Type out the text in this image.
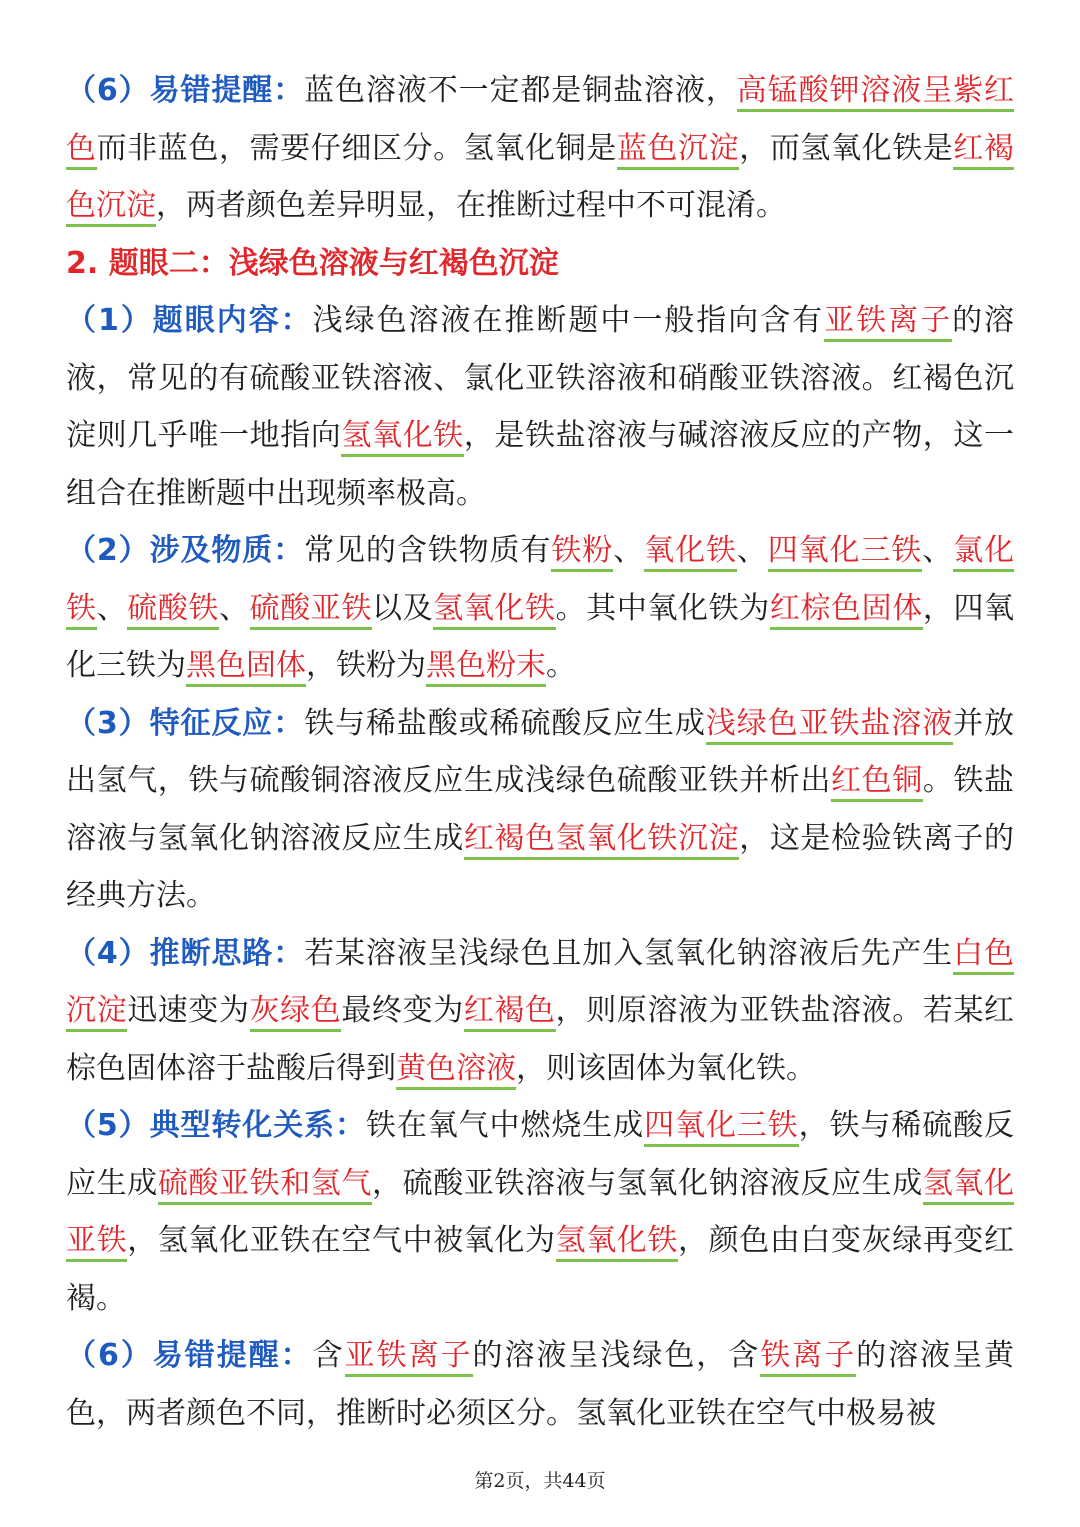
（6）易错提醒：蓝色溶液不一定都是铜盐溶液，高锰酸钾溶液呈紫红色而非蓝色，需要仔细区分。氢氧化铜是蓝色沉淀，而氢氧化铁是红褐色沉淀，两者颜色差异明显，在推断过程中不可混淆。

2. 题眼二：浅绿色溶液与红褐色沉淀

（1）题眼内容：浅绿色溶液在推断题中一般指向含有亚铁离子的溶液，常见的有硫酸亚铁溶液、氯化亚铁溶液和硝酸亚铁溶液。红褐色沉淀则几乎唯一地指向氢氧化铁，是铁盐溶液与碱溶液反应的产物，这一组合在推断题中出现频率极高。

（2）涉及物质：常见的含铁物质有铁粉、氧化铁、四氧化三铁、氯化铁、硫酸铁、硫酸亚铁以及氢氧化铁。其中氧化铁为红棕色固体，四氧化三铁为黑色固体，铁粉为黑色粉末。

（3）特征反应：铁与稀盐酸或稀硫酸反应生成浅绿色亚铁盐溶液并放出氢气，铁与硫酸铜溶液反应生成浅绿色硫酸亚铁并析出红色铜。铁盐溶液与氢氧化钠溶液反应生成红褐色氢氧化铁沉淀，这是检验铁离子的经典方法。

（4）推断思路：若某溶液呈浅绿色且加入氢氧化钠溶液后先产生白色沉淀迅速变为灰绿色最终变为红褐色，则原溶液为亚铁盐溶液。若某红棕色固体溶于盐酸后得到黄色溶液，则该固体为氧化铁。

（5）典型转化关系：铁在氧气中燃烧生成四氧化三铁，铁与稀硫酸反应生成硫酸亚铁和氢气，硫酸亚铁溶液与氢氧化钠溶液反应生成氢氧化亚铁，氢氧化亚铁在空气中被氧化为氢氧化铁，颜色由白变灰绿再变红褐。

（6）易错提醒：含亚铁离子的溶液呈浅绿色，含铁离子的溶液呈黄色，两者颜色不同，推断时必须区分。氢氧化亚铁在空气中极易被

第2页，共44页
